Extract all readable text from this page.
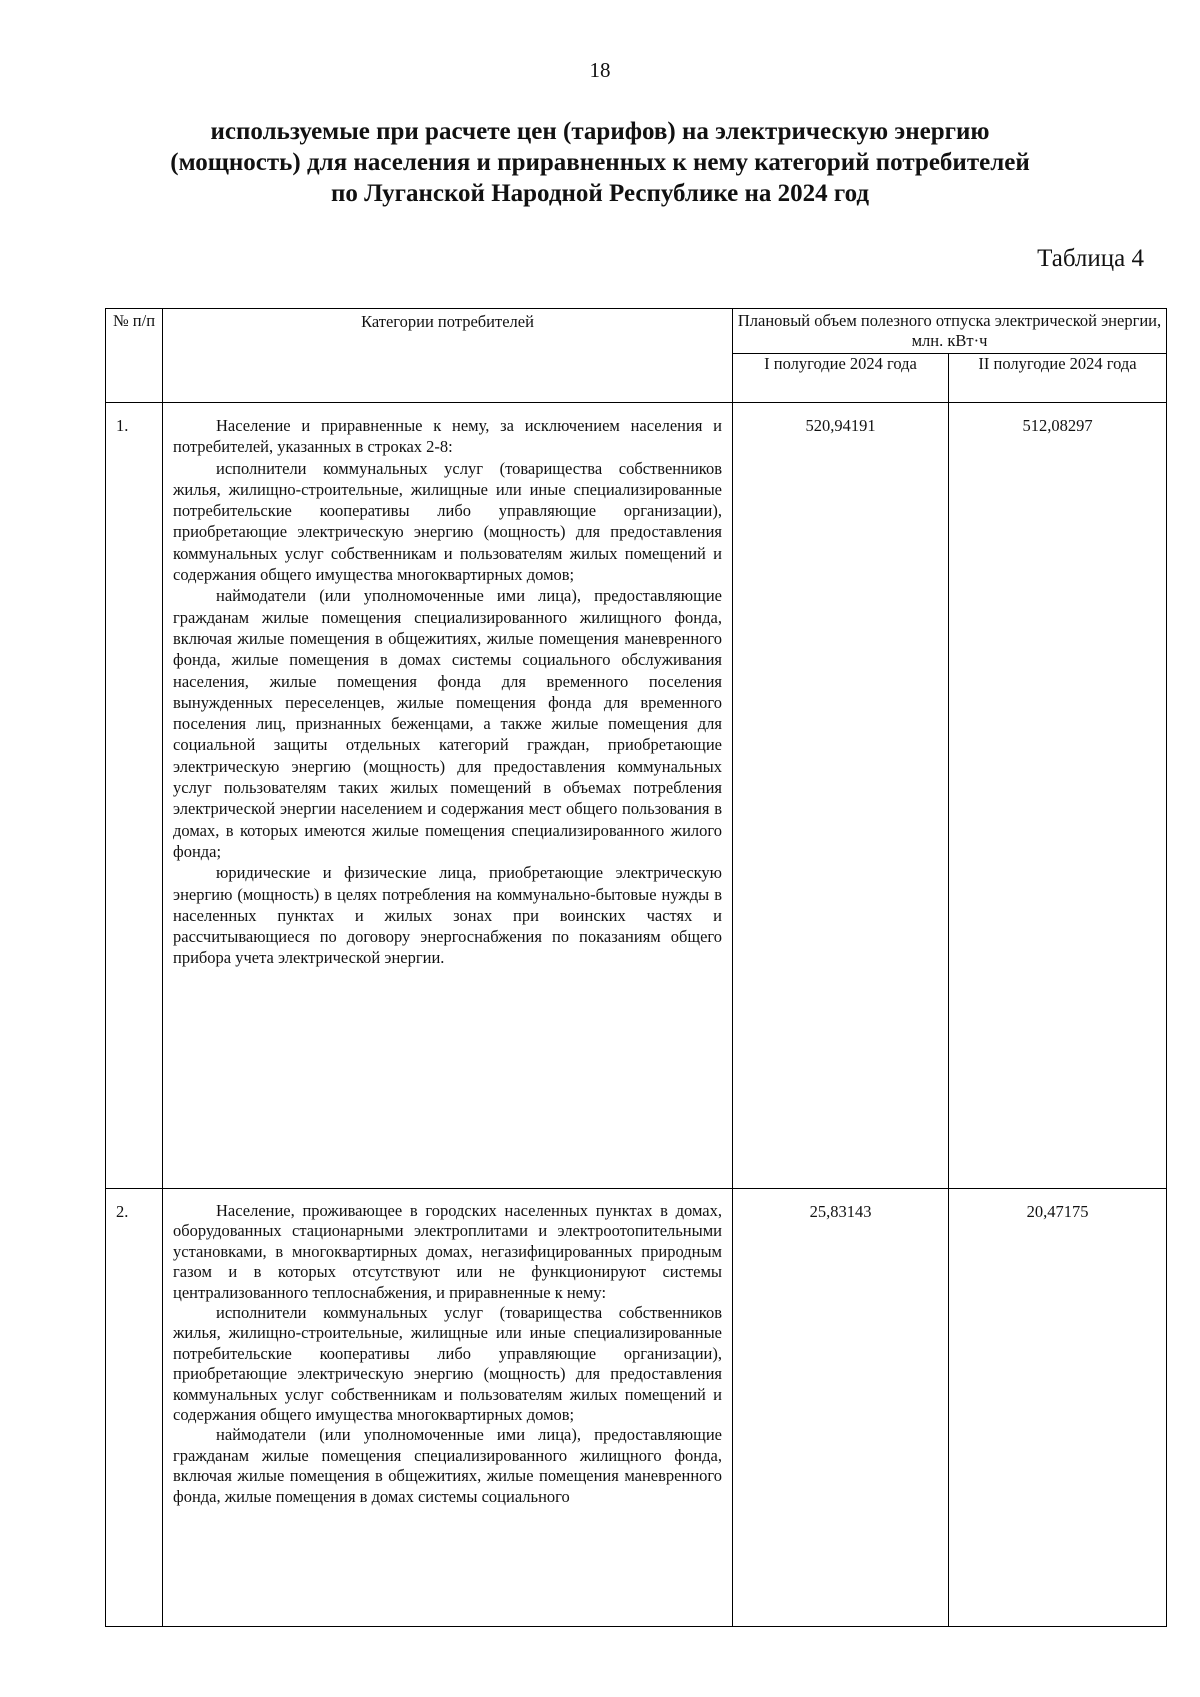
18
используемые при расчете цен (тарифов) на электрическую энергию
(мощность) для населения и приравненных к нему категорий потребителей
по Луганской Народной Республике на 2024 год
Таблица 4
№ п/п	Категории потребителей	Плановый объем полезного отпуска электрической энергии, млн. кВт·ч	
		I полугодие 2024 года	II полугодие 2024 года
1.	Население и приравненные к нему, за исключением населения и потребителей, указанных в строках 2-8:

исполнители коммунальных услуг (товарищества собственников жилья, жилищно-строительные, жилищные или иные специализированные потребительские кооперативы либо управляющие организации), приобретающие электрическую энергию (мощность) для предоставления коммунальных услуг собственникам и пользователям жилых помещений и содержания общего имущества многоквартирных домов;

наймодатели (или уполномоченные ими лица), предоставляющие гражданам жилые помещения специализированного жилищного фонда, включая жилые помещения в общежитиях, жилые помещения маневренного фонда, жилые помещения в домах системы социального обслуживания населения, жилые помещения фонда для временного поселения вынужденных переселенцев, жилые помещения фонда для временного поселения лиц, признанных беженцами, а также жилые помещения для социальной защиты отдельных категорий граждан, приобретающие электрическую энергию (мощность) для предоставления коммунальных услуг пользователям таких жилых помещений в объемах потребления электрической энергии населением и содержания мест общего пользования в домах, в которых имеются жилые помещения специализированного жилого фонда;

юридические и физические лица, приобретающие электрическую энергию (мощность) в целях потребления на коммунально-бытовые нужды в населенных пунктах и жилых зонах при воинских частях и рассчитывающиеся по договору энергоснабжения по показаниям общего прибора учета электрической энергии.	520,94191	512,08297
2.	Население, проживающее в городских населенных пунктах в домах, оборудованных стационарными электроплитами и электроотопительными установками, в многоквартирных домах, негазифицированных природным газом и в которых отсутствуют или не функционируют системы централизованного теплоснабжения, и приравненные к нему:

исполнители коммунальных услуг (товарищества собственников жилья, жилищно-строительные, жилищные или иные специализированные потребительские кооперативы либо управляющие организации), приобретающие электрическую энергию (мощность) для предоставления коммунальных услуг собственникам и пользователям жилых помещений и содержания общего имущества многоквартирных домов;

наймодатели (или уполномоченные ими лица), предоставляющие гражданам жилые помещения специализированного жилищного фонда, включая жилые помещения в общежитиях, жилые помещения маневренного фонда, жилые помещения в домах системы социального	25,83143	20,47175
